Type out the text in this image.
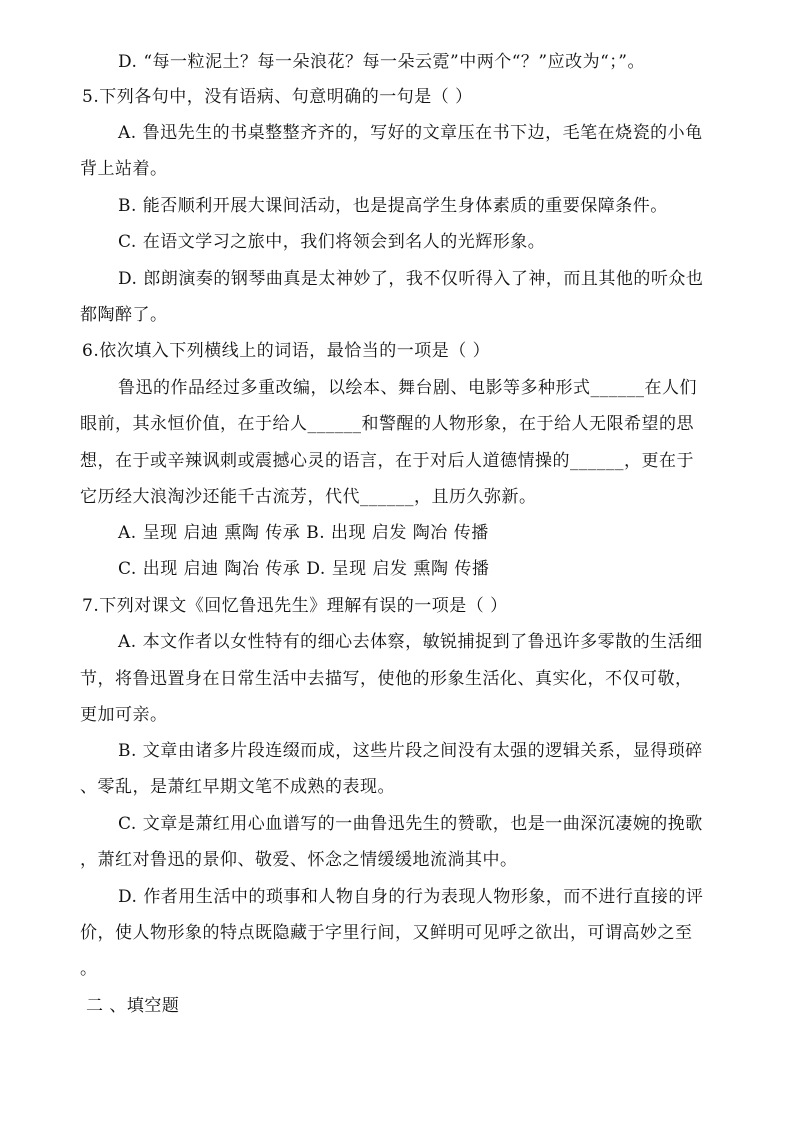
D. “每一粒泥土？每一朵浪花？每一朵云霓”中两个“？”应改为“；”。
5.下列各句中，没有语病、句意明确的一句是（ ）
A. 鲁迅先生的书桌整整齐齐的，写好的文章压在书下边，毛笔在烧瓷的小龟
背上站着。
B. 能否顺利开展大课间活动，也是提高学生身体素质的重要保障条件。
C. 在语文学习之旅中，我们将领会到名人的光辉形象。
D. 郎朗演奏的钢琴曲真是太神妙了，我不仅听得入了神，而且其他的听众也
都陶醉了。
6.依次填入下列横线上的词语，最恰当的一项是（ ）
鲁迅的作品经过多重改编，以绘本、舞台剧、电影等多种形式______在人们
眼前，其永恒价值，在于给人______和警醒的人物形象，在于给人无限希望的思
想，在于或辛辣讽刺或震撼心灵的语言，在于对后人道德情操的______，更在于
它历经大浪淘沙还能千古流芳，代代______，且历久弥新。
A. 呈现 启迪 熏陶 传承 B. 出现 启发 陶冶 传播
C. 出现 启迪 陶冶 传承 D. 呈现 启发 熏陶 传播
7.下列对课文《回忆鲁迅先生》理解有误的一项是（ ）
A. 本文作者以女性特有的细心去体察，敏锐捕捉到了鲁迅许多零散的生活细
节，将鲁迅置身在日常生活中去描写，使他的形象生活化、真实化，不仅可敬，
更加可亲。
B. 文章由诸多片段连缀而成，这些片段之间没有太强的逻辑关系，显得琐碎
、零乱，是萧红早期文笔不成熟的表现。
C. 文章是萧红用心血谱写的一曲鲁迅先生的赞歌，也是一曲深沉凄婉的挽歌
，萧红对鲁迅的景仰、敬爱、怀念之情缓缓地流淌其中。
D. 作者用生活中的琐事和人物自身的行为表现人物形象，而不进行直接的评
价，使人物形象的特点既隐藏于字里行间，又鲜明可见呼之欲出，可谓高妙之至
。
二 、填空题
